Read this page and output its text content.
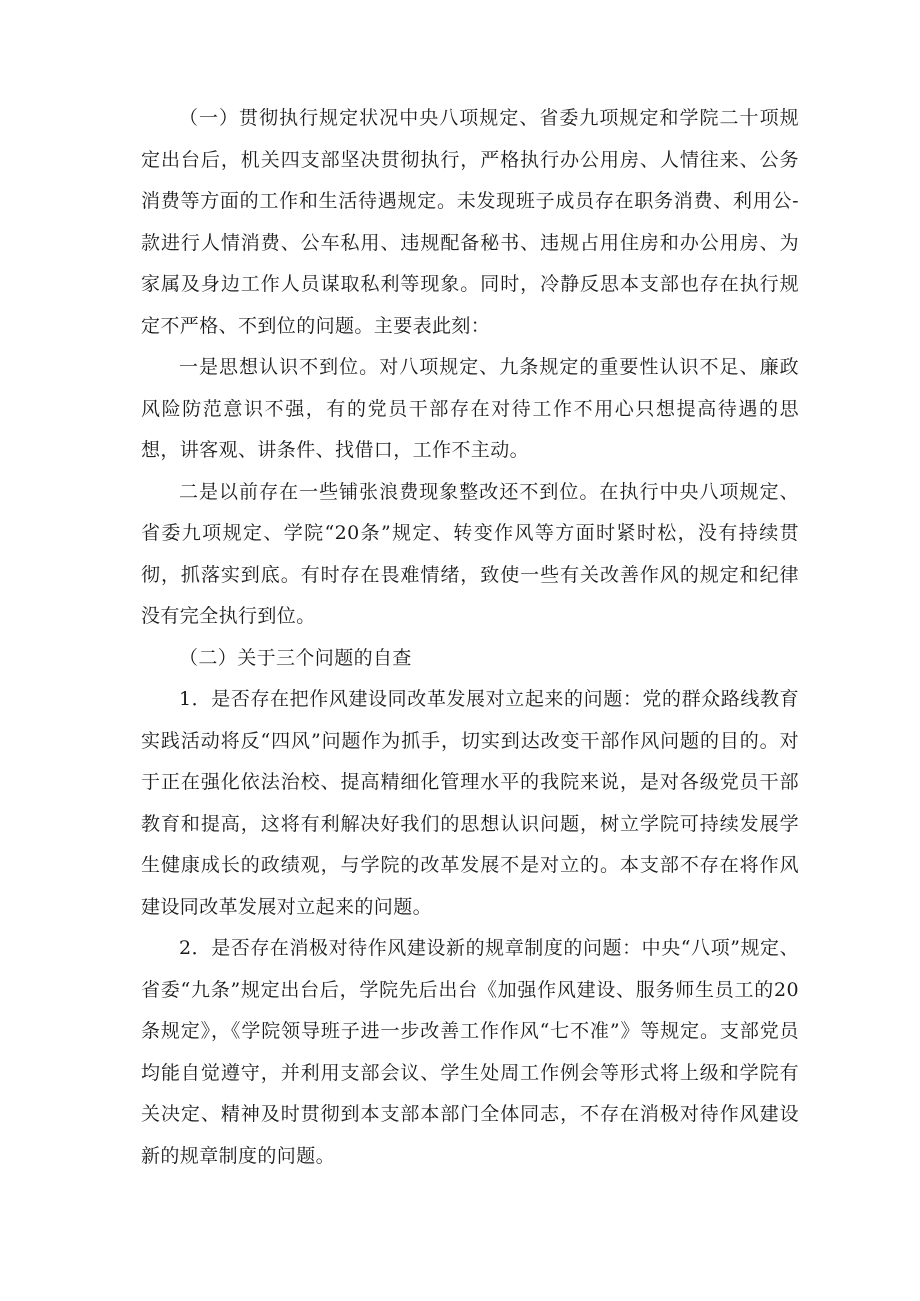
（一）贯彻执行规定状况中央八项规定、省委九项规定和学院二十项规定出台后，机关四支部坚决贯彻执行，严格执行办公用房、人情往来、公务消费等方面的工作和生活待遇规定。未发现班子成员存在职务消费、利用公-款进行人情消费、公车私用、违规配备秘书、违规占用住房和办公用房、为家属及身边工作人员谋取私利等现象。同时，冷静反思本支部也存在执行规定不严格、不到位的问题。主要表此刻：

一是思想认识不到位。对八项规定、九条规定的重要性认识不足、廉政风险防范意识不强，有的党员干部存在对待工作不用心只想提高待遇的思想，讲客观、讲条件、找借口，工作不主动。

二是以前存在一些铺张浪费现象整改还不到位。在执行中央八项规定、省委九项规定、学院“20条”规定、转变作风等方面时紧时松，没有持续贯彻，抓落实到底。有时存在畏难情绪，致使一些有关改善作风的规定和纪律没有完全执行到位。

（二）关于三个问题的自查

1．是否存在把作风建设同改革发展对立起来的问题：党的群众路线教育实践活动将反“四风”问题作为抓手，切实到达改变干部作风问题的目的。对于正在强化依法治校、提高精细化管理水平的我院来说，是对各级党员干部教育和提高，这将有利解决好我们的思想认识问题，树立学院可持续发展学生健康成长的政绩观，与学院的改革发展不是对立的。本支部不存在将作风建设同改革发展对立起来的问题。

2．是否存在消极对待作风建设新的规章制度的问题：中央“八项”规定、省委“九条”规定出台后，学院先后出台《加强作风建设、服务师生员工的20条规定》，《学院领导班子进一步改善工作作风“七不准”》等规定。支部党员均能自觉遵守，并利用支部会议、学生处周工作例会等形式将上级和学院有关决定、精神及时贯彻到本支部本部门全体同志，不存在消极对待作风建设新的规章制度的问题。
